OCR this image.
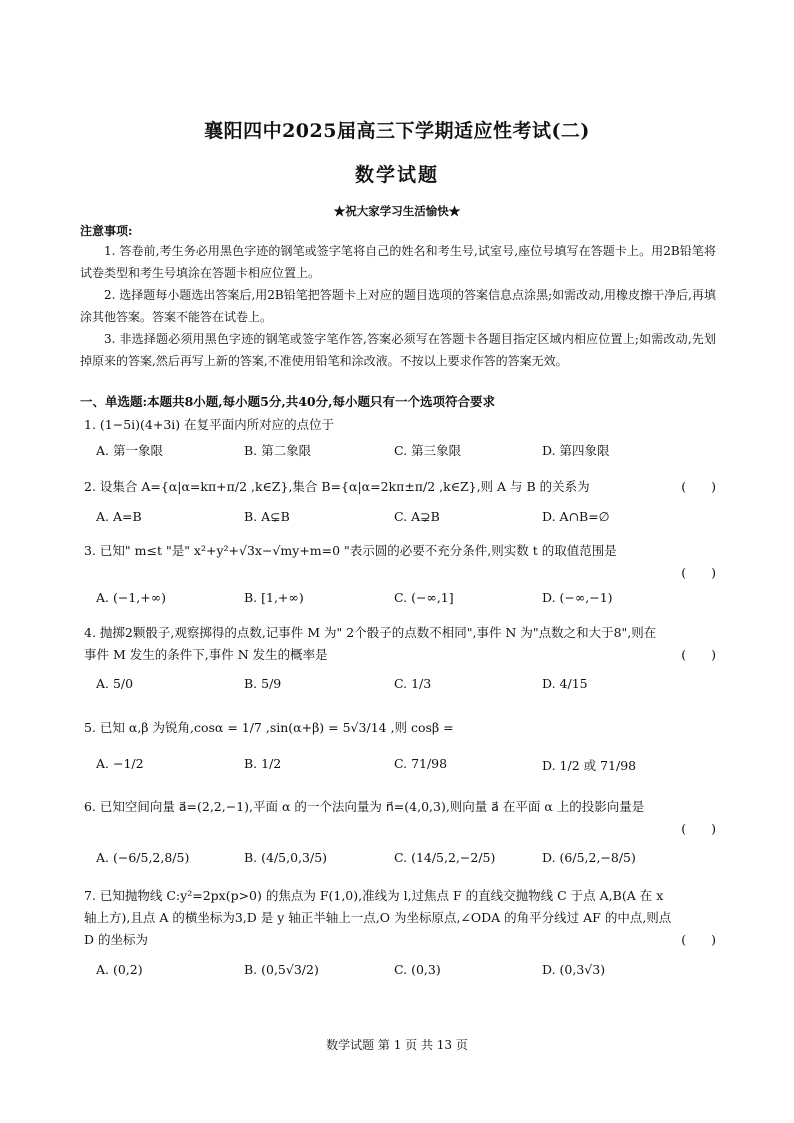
襄阳四中2025届高三下学期适应性考试(二)
数学试题
★祝大家学习生活愉快★
注意事项:
1. 答卷前,考生务必用黑色字迹的钢笔或签字笔将自己的姓名和考生号,试室号,座位号填写在答题卡上。用2B铅笔将试卷类型和考生号填涂在答题卡相应位置上。
2. 选择题每小题选出答案后,用2B铅笔把答题卡上对应的题目选项的答案信息点涂黑;如需改动,用橡皮擦干净后,再填涂其他答案。答案不能答在试卷上。
3. 非选择题必须用黑色字迹的钢笔或签字笔作答,答案必须写在答题卡各题目指定区域内相应位置上;如需改动,先划掉原来的答案,然后再写上新的答案,不准使用铅笔和涂改液。不按以上要求作答的答案无效。
一、单选题:本题共8小题,每小题5分,共40分,每小题只有一个选项符合要求
1. (1−5i)(4+3i) 在复平面内所对应的点位于
A. 第一象限	B. 第二象限	C. 第三象限	D. 第四象限
2. 设集合 A={α|α=kπ+π/2 ,k∈Z},集合 B={α|α=2kπ±π/2 ,k∈Z},则 A 与 B 的关系为	(　　)
A. A=B	B. A⊊B	C. A⊋B	D. A∩B=∅
3. 已知" m≤t "是" x²+y²+√3x−√my+m=0 "表示圆的必要不充分条件,则实数 t 的取值范围是
(　　)
A. (−1,+∞)	B. [1,+∞)	C. (−∞,1]	D. (−∞,−1)
4. 抛掷2颗骰子,观察掷得的点数,记事件 M 为" 2个骰子的点数不相同",事件 N 为"点数之和大于8",则在事件 M 发生的条件下,事件 N 发生的概率是	(　　)
A. 5/0	B. 5/9	C. 1/3	D. 4/15
5. 已知 α,β 为锐角,cosα = 1/7 ,sin(α+β) = 5√3/14 ,则 cosβ =
A. −1/2	B. 1/2	C. 71/98	D. 1/2 或 71/98
6. 已知空间向量 a⃗=(2,2,−1),平面 α 的一个法向量为 n⃗=(4,0,3),则向量 a⃗ 在平面 α 上的投影向量是
(　　)
A. (−6/5,2,8/5)	B. (4/5,0,3/5)	C. (14/5,2,−2/5)	D. (6/5,2,−8/5)
7. 已知抛物线 C:y²=2px(p>0) 的焦点为 F(1,0),准线为 l,过焦点 F 的直线交抛物线 C 于点 A,B(A 在 x 轴上方),且点 A 的横坐标为3,D 是 y 轴正半轴上一点,O 为坐标原点,∠ODA 的角平分线过 AF 的中点,则点 D 的坐标为	(　　)
A. (0,2)	B. (0,5√3/2)	C. (0,3)	D. (0,3√3)
数学试题 第 1 页 共 13 页
